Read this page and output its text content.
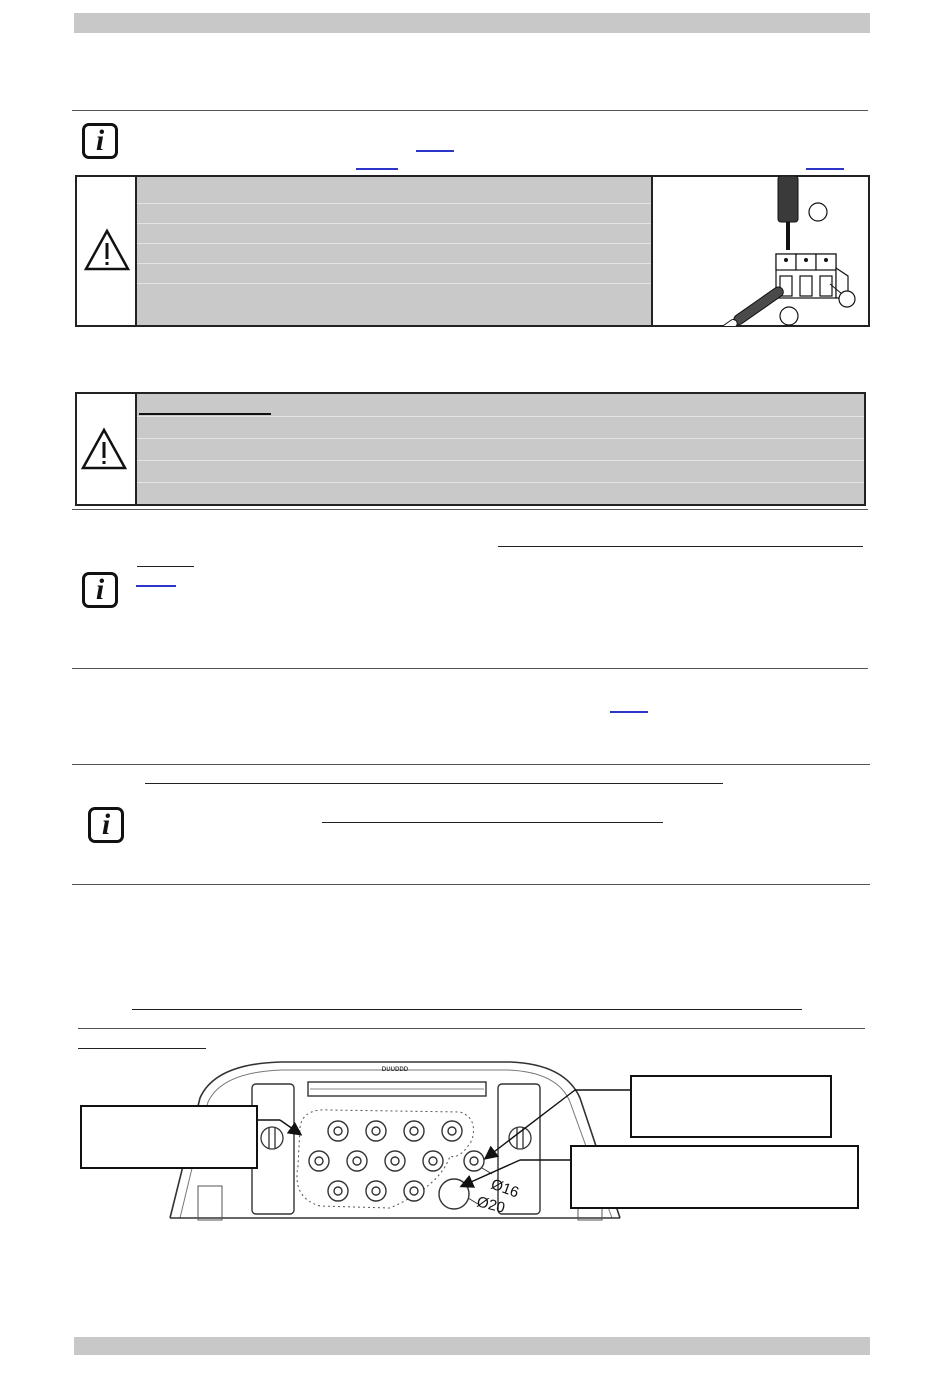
i
i
i
ᴅᴜᴜᴅᴅᴅ
Ø16
Ø20
